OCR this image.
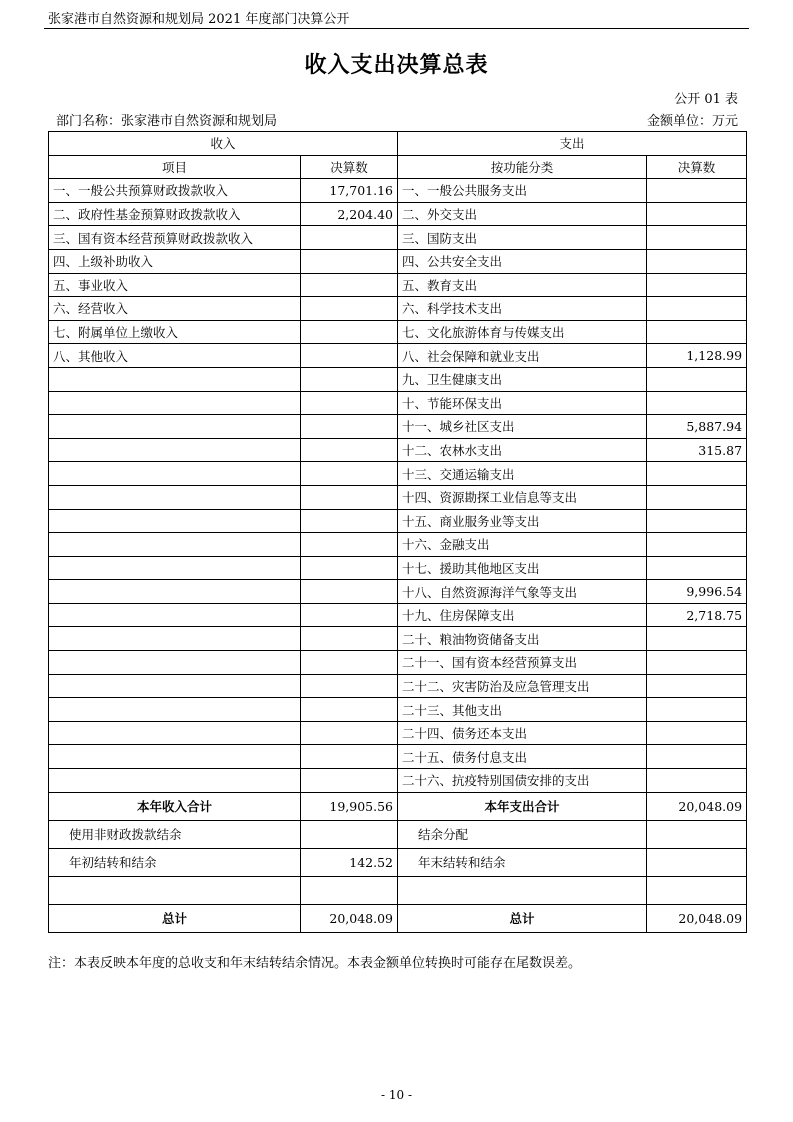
张家港市自然资源和规划局 2021 年度部门决算公开
收入支出决算总表
公开 01 表
部门名称：张家港市自然资源和规划局	金额单位：万元
收入		支出	
项目	决算数	按功能分类	决算数
一、一般公共预算财政拨款收入	17,701.16	一、一般公共服务支出	
二、政府性基金预算财政拨款收入	2,204.40	二、外交支出	
三、国有资本经营预算财政拨款收入		三、国防支出	
四、上级补助收入		四、公共安全支出	
五、事业收入		五、教育支出	
六、经营收入		六、科学技术支出	
七、附属单位上缴收入		七、文化旅游体育与传媒支出	
八、其他收入		八、社会保障和就业支出	1,128.99
		九、卫生健康支出	
		十、节能环保支出	
		十一、城乡社区支出	5,887.94
		十二、农林水支出	315.87
		十三、交通运输支出	
		十四、资源勘探工业信息等支出	
		十五、商业服务业等支出	
		十六、金融支出	
		十七、援助其他地区支出	
		十八、自然资源海洋气象等支出	9,996.54
		十九、住房保障支出	2,718.75
		二十、粮油物资储备支出	
		二十一、国有资本经营预算支出	
		二十二、灾害防治及应急管理支出	
		二十三、其他支出	
		二十四、债务还本支出	
		二十五、债务付息支出	
		二十六、抗疫特别国债安排的支出	
本年收入合计	19,905.56	本年支出合计	20,048.09
使用非财政拨款结余		结余分配	
年初结转和结余	142.52	年末结转和结余	

总计	20,048.09	总计	20,048.09
注：本表反映本年度的总收支和年末结转结余情况。本表金额单位转换时可能存在尾数误差。
- 10 -
